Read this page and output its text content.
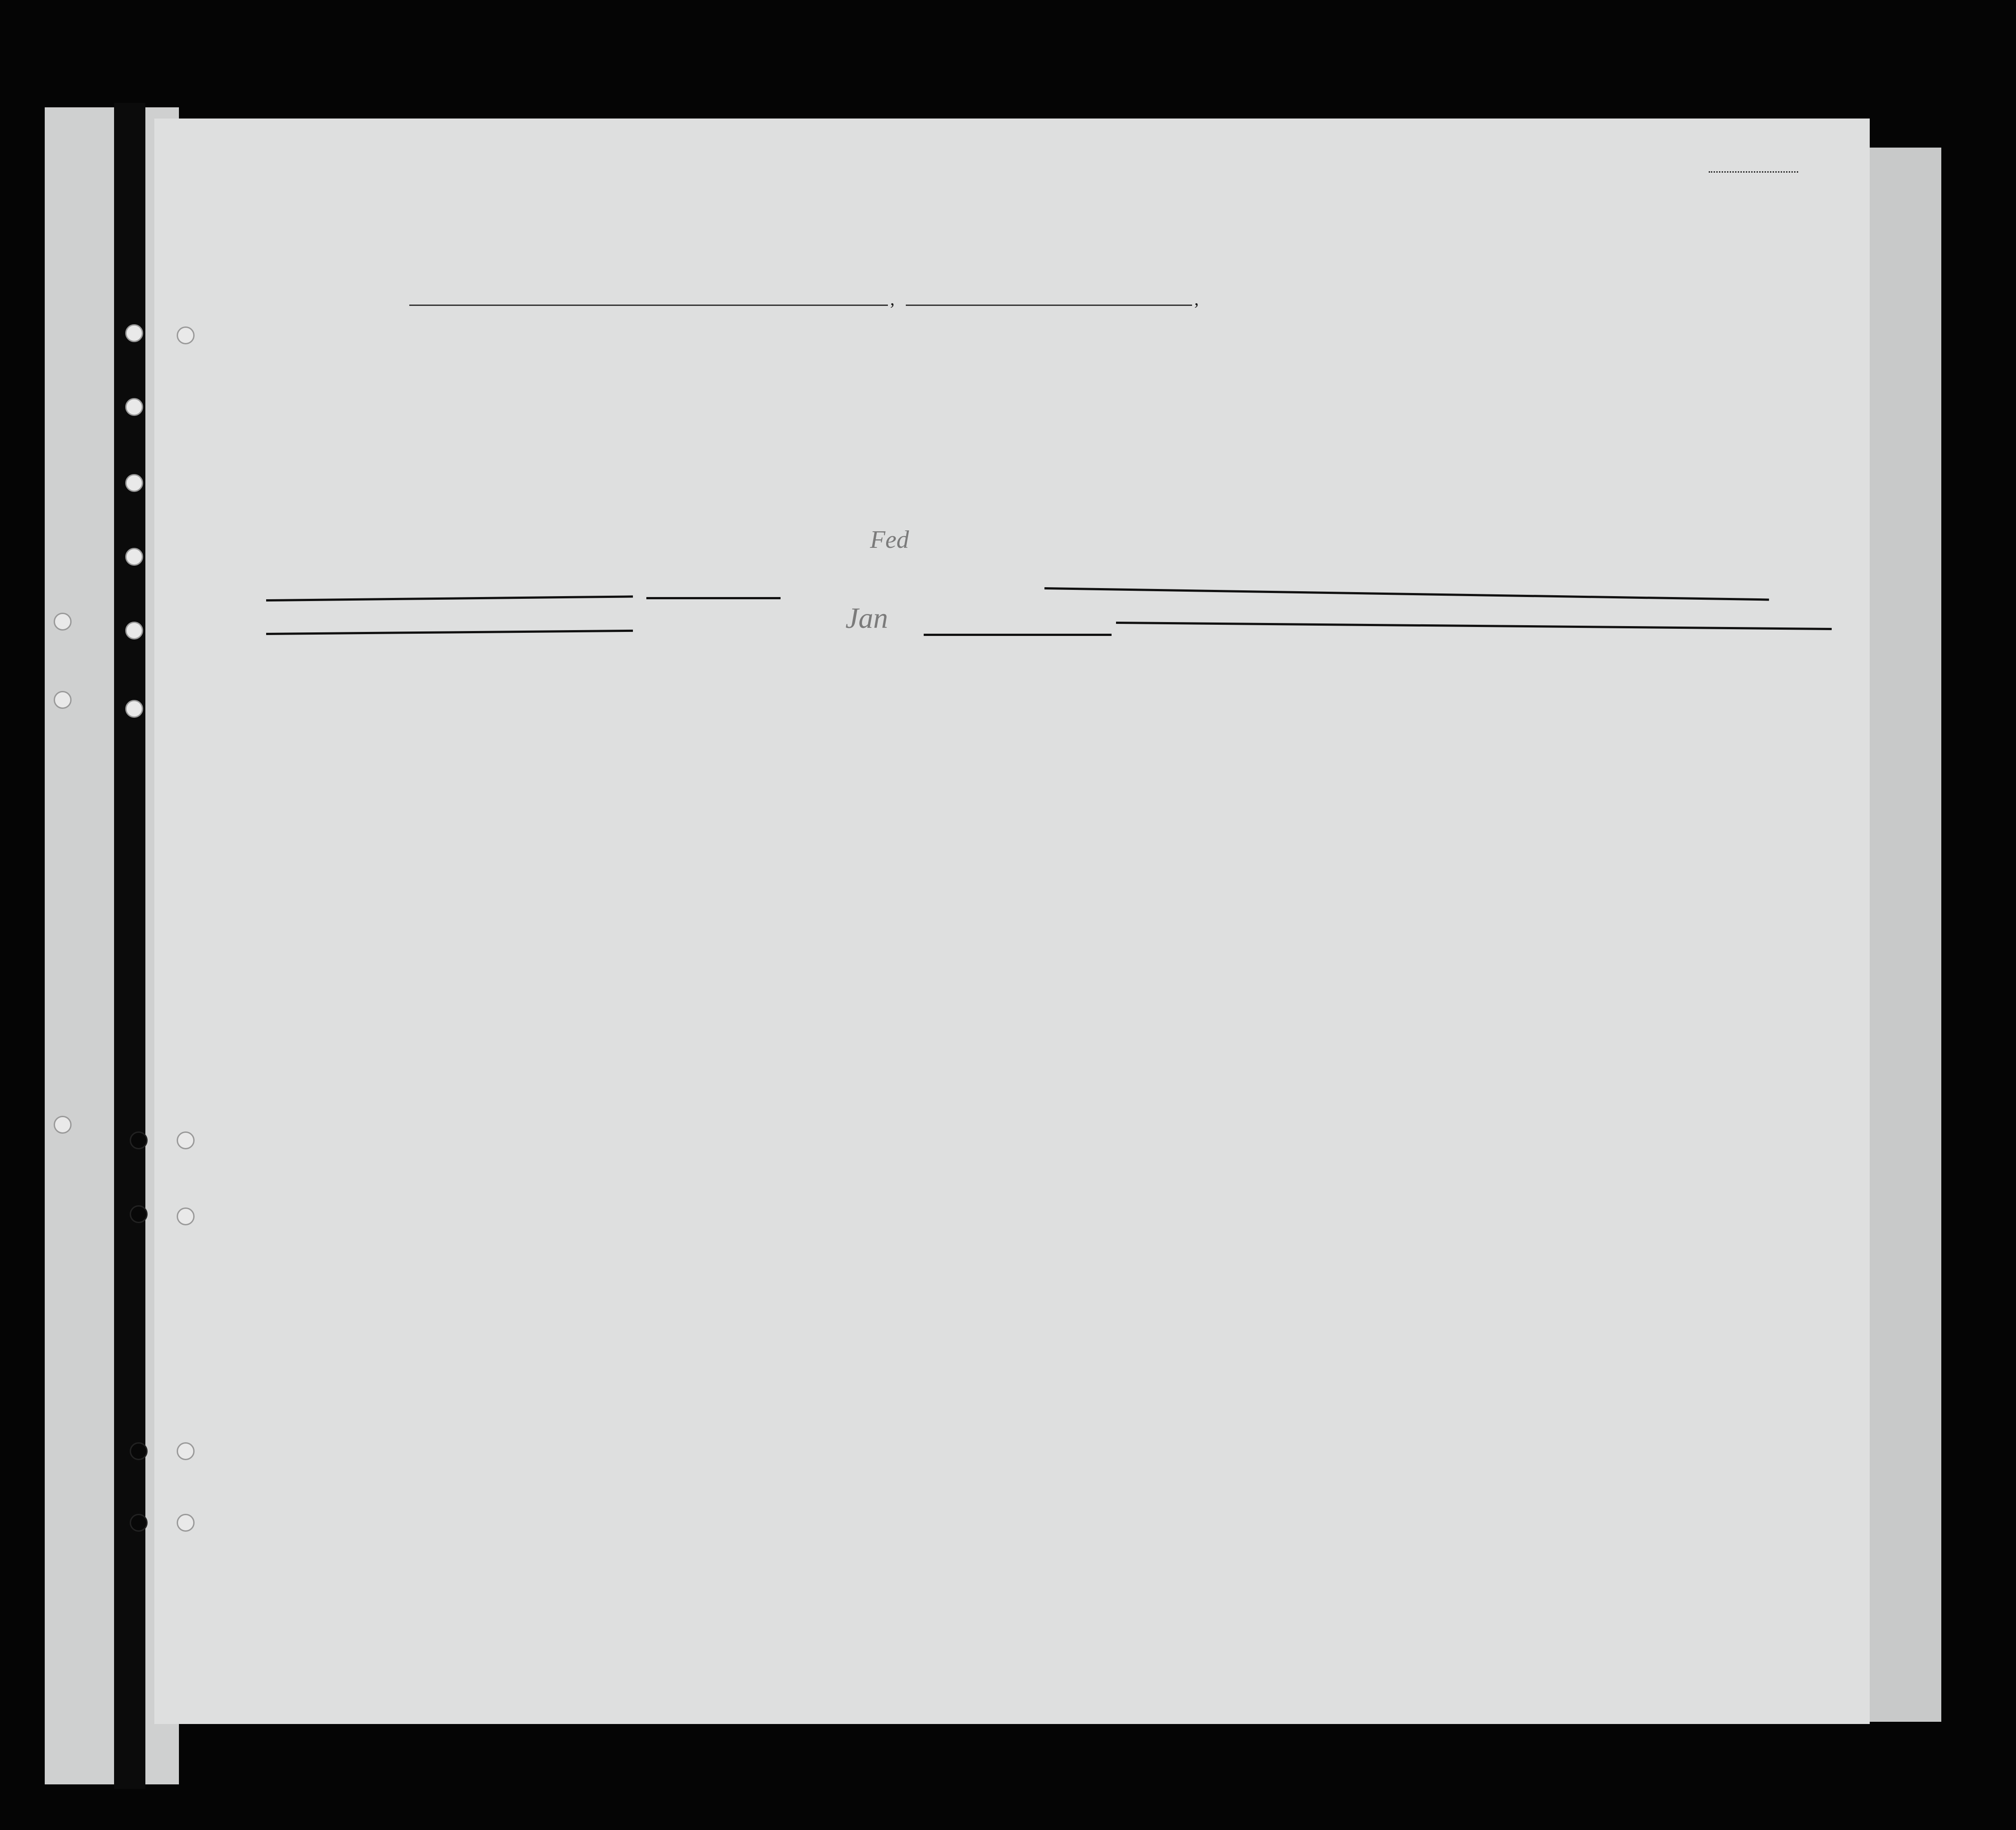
,	,
Fed
Jan
